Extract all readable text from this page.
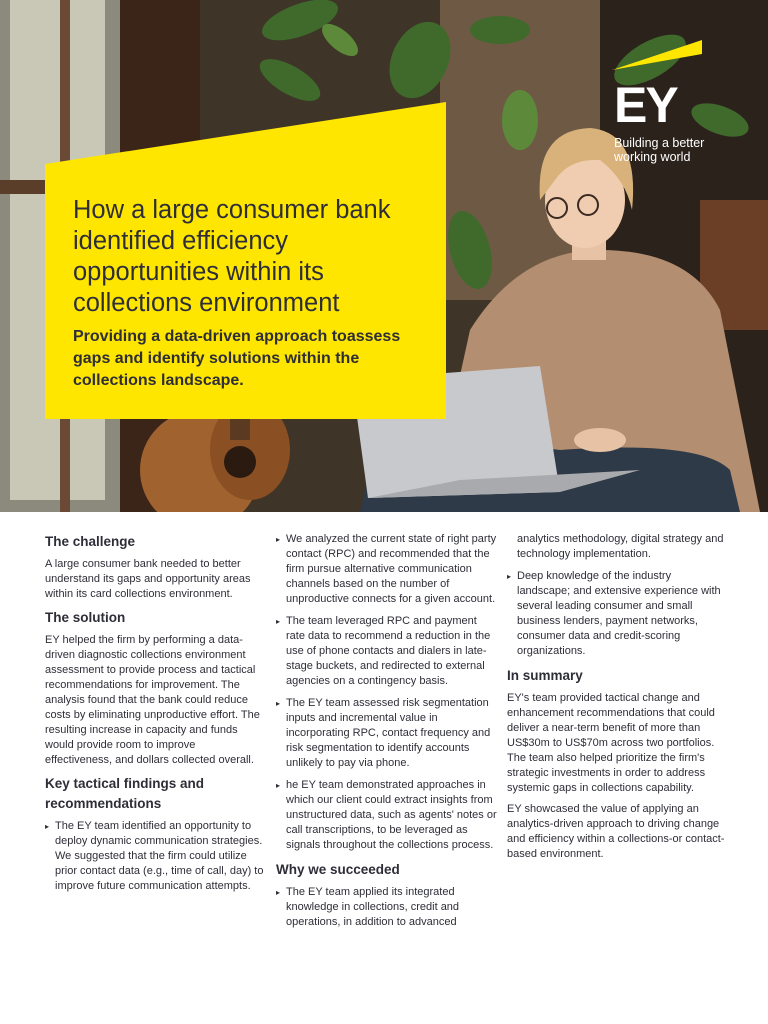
How a large consumer bank identified efficiency opportunities within its collections environment

Providing a data-driven approach toassess gaps and identify solutions within the collections landscape.

EY
Building a better working world
The challenge

A large consumer bank needed to better understand its gaps and opportunity areas within its card collections environment.

The solution

EY helped the firm by performing a data-driven diagnostic collections environment assessment to provide process and tactical recommendations for improvement. The analysis found that the bank could reduce costs by eliminating unproductive effort. The resulting increase in capacity and funds would provide room to improve effectiveness, and dollars collected overall.

Key tactical findings and recommendations

▸ The EY team identified an opportunity to deploy dynamic communication strategies. We suggested that the firm could utilize prior contact data (e.g., time of call, day) to improve future communication attempts.

▸ We analyzed the current state of right party contact (RPC) and recommended that the firm pursue alternative communication channels based on the number of unproductive connects for a given account.

▸ The team leveraged RPC and payment rate data to recommend a reduction in the use of phone contacts and dialers in late-stage buckets, and redirected to external agencies on a contingency basis.

▸ The EY team assessed risk segmentation inputs and incremental value in incorporating RPC, contact frequency and risk segmentation to identify accounts unlikely to pay via phone.

▸ he EY team demonstrated approaches in which our client could extract insights from unstructured data, such as agents' notes or call transcriptions, to be leveraged as signals throughout the collections process.

Why we succeeded

▸ The EY team applied its integrated knowledge in collections, credit and operations, in addition to advanced

analytics methodology, digital strategy and technology implementation.

▸ Deep knowledge of the industry landscape; and extensive experience with several leading consumer and small business lenders, payment networks, consumer data and credit-scoring organizations.

In summary

EY's team provided tactical change and enhancement recommendations that could deliver a near-term benefit of more than US$30m to US$70m across two portfolios. The team also helped prioritize the firm's strategic investments in order to address systemic gaps in collections capability.

EY showcased the value of applying an analytics-driven approach to driving change and efficiency within a collections-or contact-based environment.
